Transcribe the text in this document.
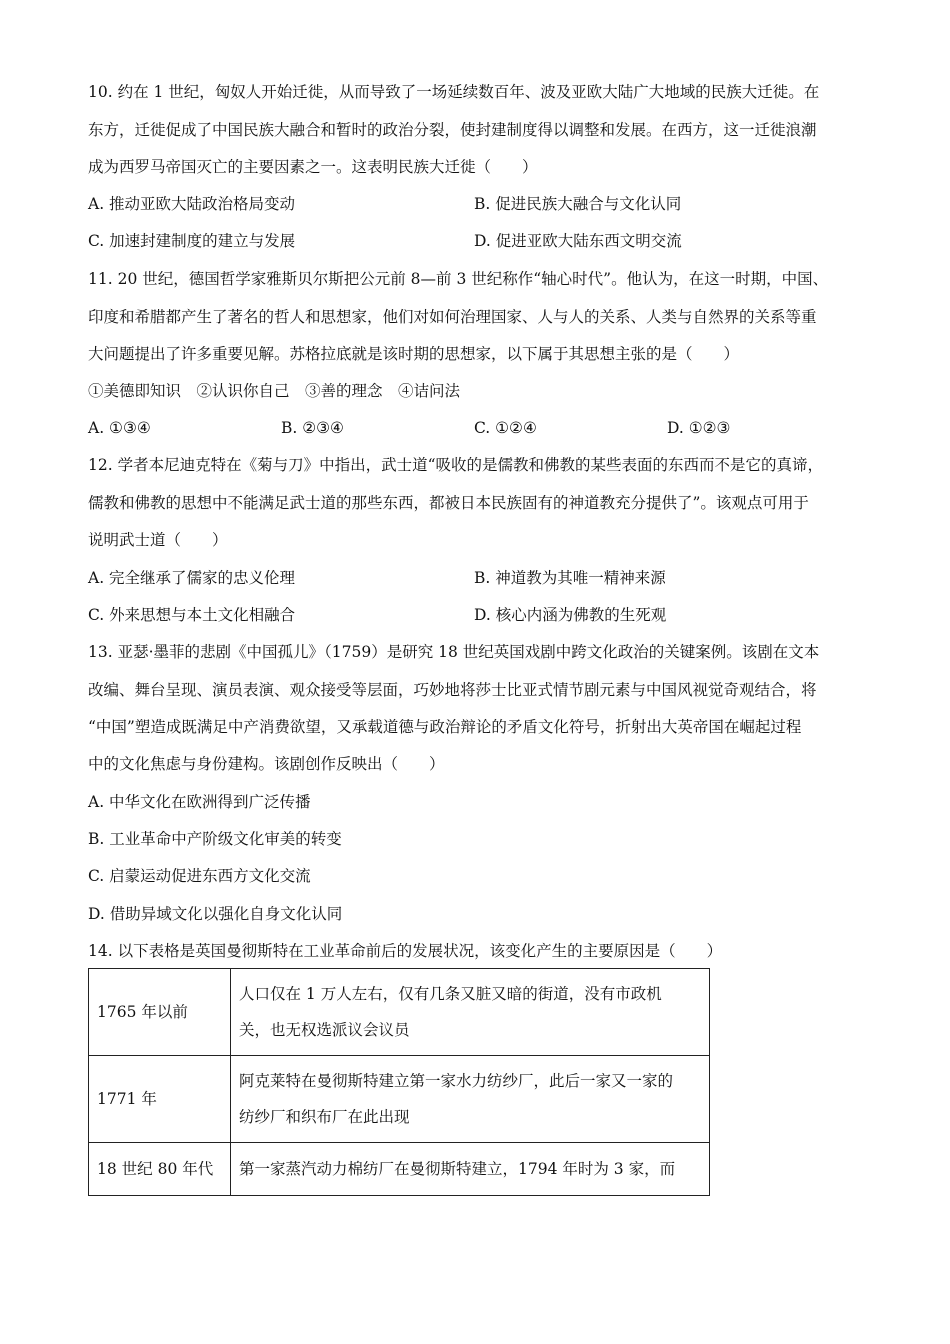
10. 约在 1 世纪，匈奴人开始迁徙，从而导致了一场延续数百年、波及亚欧大陆广大地域的民族大迁徙。在
东方，迁徙促成了中国民族大融合和暂时的政治分裂，使封建制度得以调整和发展。在西方，这一迁徙浪潮
成为西罗马帝国灭亡的主要因素之一。这表明民族大迁徙（　　）
A. 推动亚欧大陆政治格局变动	B. 促进民族大融合与文化认同
C. 加速封建制度的建立与发展	D. 促进亚欧大陆东西文明交流
11. 20 世纪，德国哲学家雅斯贝尔斯把公元前 8—前 3 世纪称作“轴心时代”。他认为，在这一时期，中国、
印度和希腊都产生了著名的哲人和思想家，他们对如何治理国家、人与人的关系、人类与自然界的关系等重
大问题提出了许多重要见解。苏格拉底就是该时期的思想家，以下属于其思想主张的是（　　）
①美德即知识　②认识你自己　③善的理念　④诘问法
A. ①③④	B. ②③④	C. ①②④	D. ①②③
12. 学者本尼迪克特在《菊与刀》中指出，武士道“吸收的是儒教和佛教的某些表面的东西而不是它的真谛，
儒教和佛教的思想中不能满足武士道的那些东西，都被日本民族固有的神道教充分提供了”。该观点可用于
说明武士道（　　）
A. 完全继承了儒家的忠义伦理	B. 神道教为其唯一精神来源
C. 外来思想与本土文化相融合	D. 核心内涵为佛教的生死观
13. 亚瑟·墨菲的悲剧《中国孤儿》（1759）是研究 18 世纪英国戏剧中跨文化政治的关键案例。该剧在文本
改编、舞台呈现、演员表演、观众接受等层面，巧妙地将莎士比亚式情节剧元素与中国风视觉奇观结合，将
“中国”塑造成既满足中产消费欲望，又承载道德与政治辩论的矛盾文化符号，折射出大英帝国在崛起过程
中的文化焦虑与身份建构。该剧创作反映出（　　）
A. 中华文化在欧洲得到广泛传播
B. 工业革命中产阶级文化审美的转变
C. 启蒙运动促进东西方文化交流
D. 借助异域文化以强化自身文化认同
14. 以下表格是英国曼彻斯特在工业革命前后的发展状况，该变化产生的主要原因是（　　）
1765 年以前	人口仅在 1 万人左右，仅有几条又脏又暗的街道，没有市政机
关，也无权选派议会议员

1771 年	阿克莱特在曼彻斯特建立第一家水力纺纱厂，此后一家又一家的
纺纱厂和织布厂在此出现

18 世纪 80 年代	第一家蒸汽动力棉纺厂在曼彻斯特建立，1794 年时为 3 家，而
